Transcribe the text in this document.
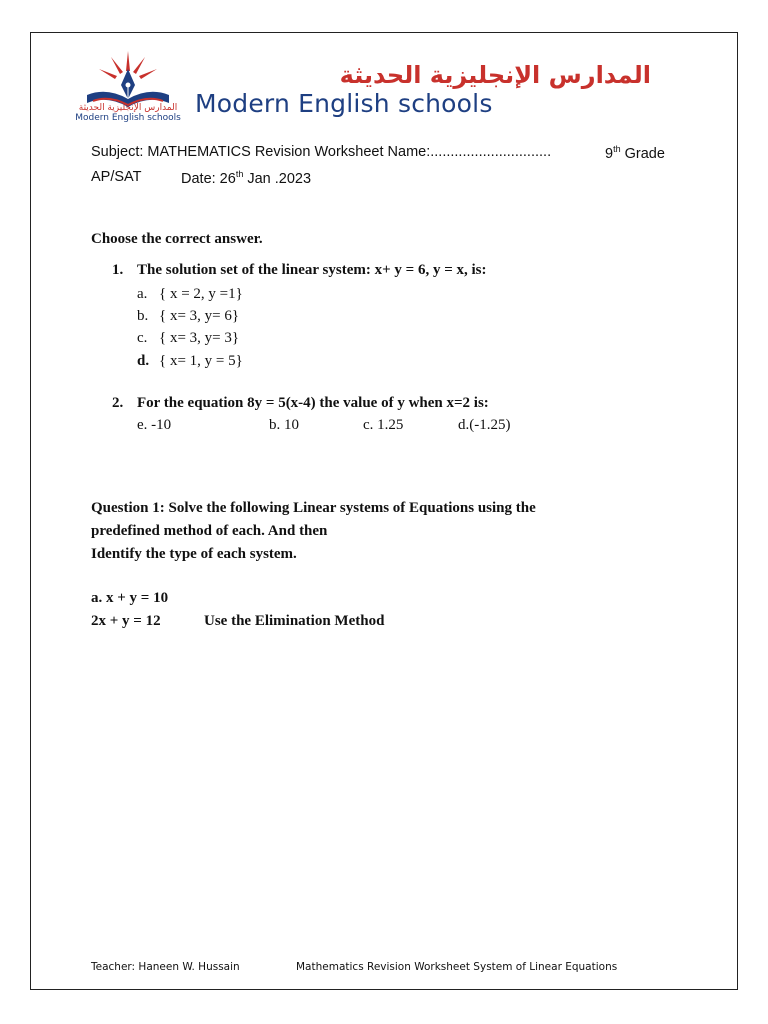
المدارس الإنجليزية الحديثة
Modern English schools
المدارس الإنجليزية الحديثة
Modern English schools
Subject: MATHEMATICS Revision Worksheet Name:..............................	9th Grade
AP/SAT	Date: 26th Jan .2023
Choose the correct answer.
1. The solution set of the linear system: x+ y = 6, y = x, is:
a. { x = 2, y =1}
b. { x= 3, y= 6}
c. { x= 3, y= 3}
d. { x= 1, y = 5}
2. For the equation 8y = 5(x-4) the value of y when x=2 is:
e. -10	b. 10	c. 1.25	d.(-1.25)
Question 1: Solve the following Linear systems of Equations using the
predefined method of each. And then
Identify the type of each system.
a. x + y = 10
2x + y = 12	Use the Elimination Method
Teacher: Haneen W. Hussain	Mathematics Revision Worksheet System of Linear Equations
